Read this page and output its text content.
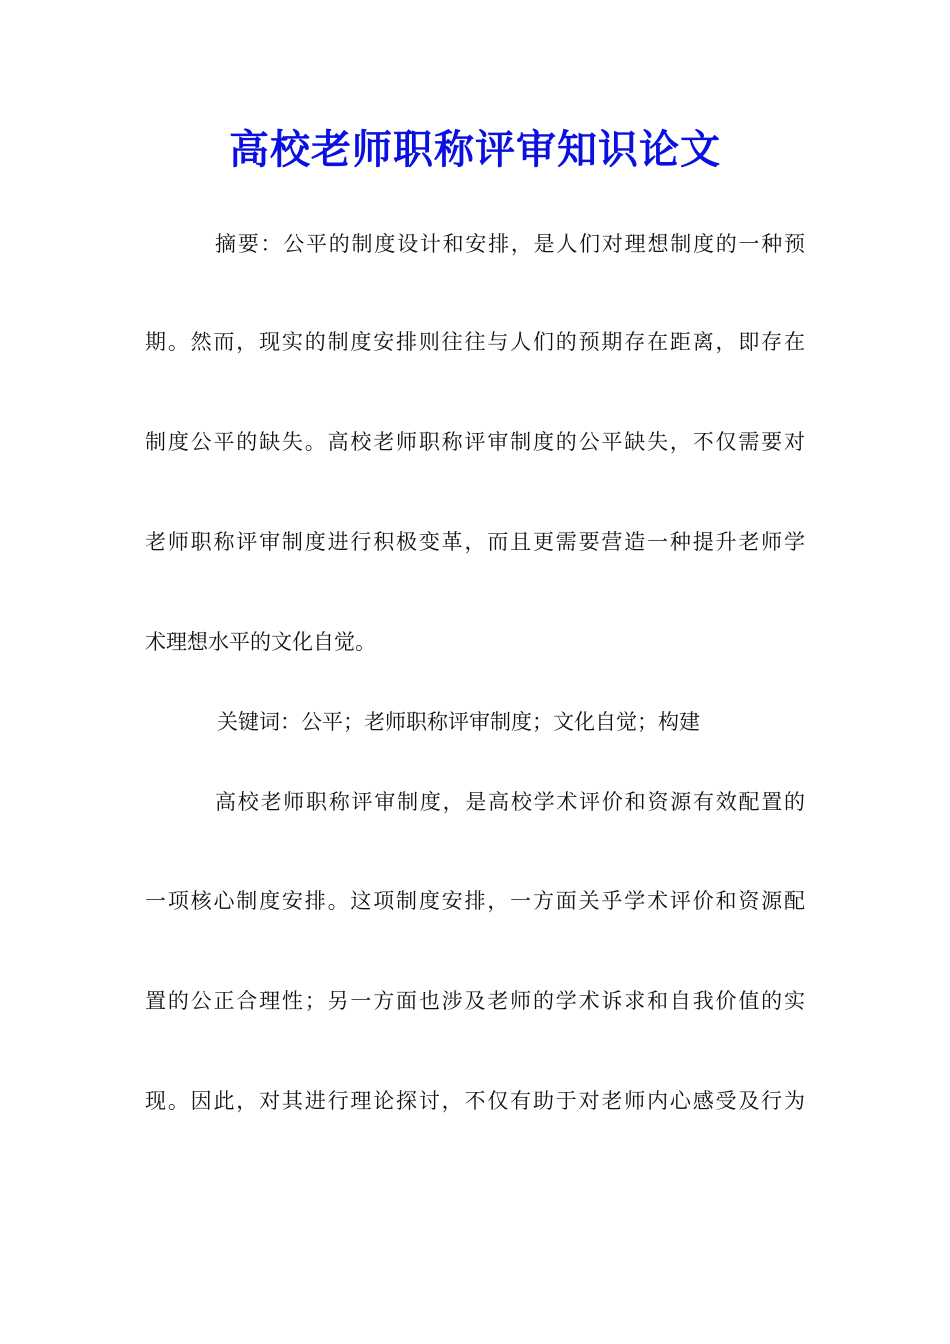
高校老师职称评审知识论文
摘要：公平的制度设计和安排，是人们对理想制度的一种预
期。然而，现实的制度安排则往往与人们的预期存在距离，即存在
制度公平的缺失。高校老师职称评审制度的公平缺失，不仅需要对
老师职称评审制度进行积极变革，而且更需要营造一种提升老师学
术理想水平的文化自觉。
关键词：公平；老师职称评审制度；文化自觉；构建
高校老师职称评审制度，是高校学术评价和资源有效配置的
一项核心制度安排。这项制度安排，一方面关乎学术评价和资源配
置的公正合理性；另一方面也涉及老师的学术诉求和自我价值的实
现。因此，对其进行理论探讨，不仅有助于对老师内心感受及行为
